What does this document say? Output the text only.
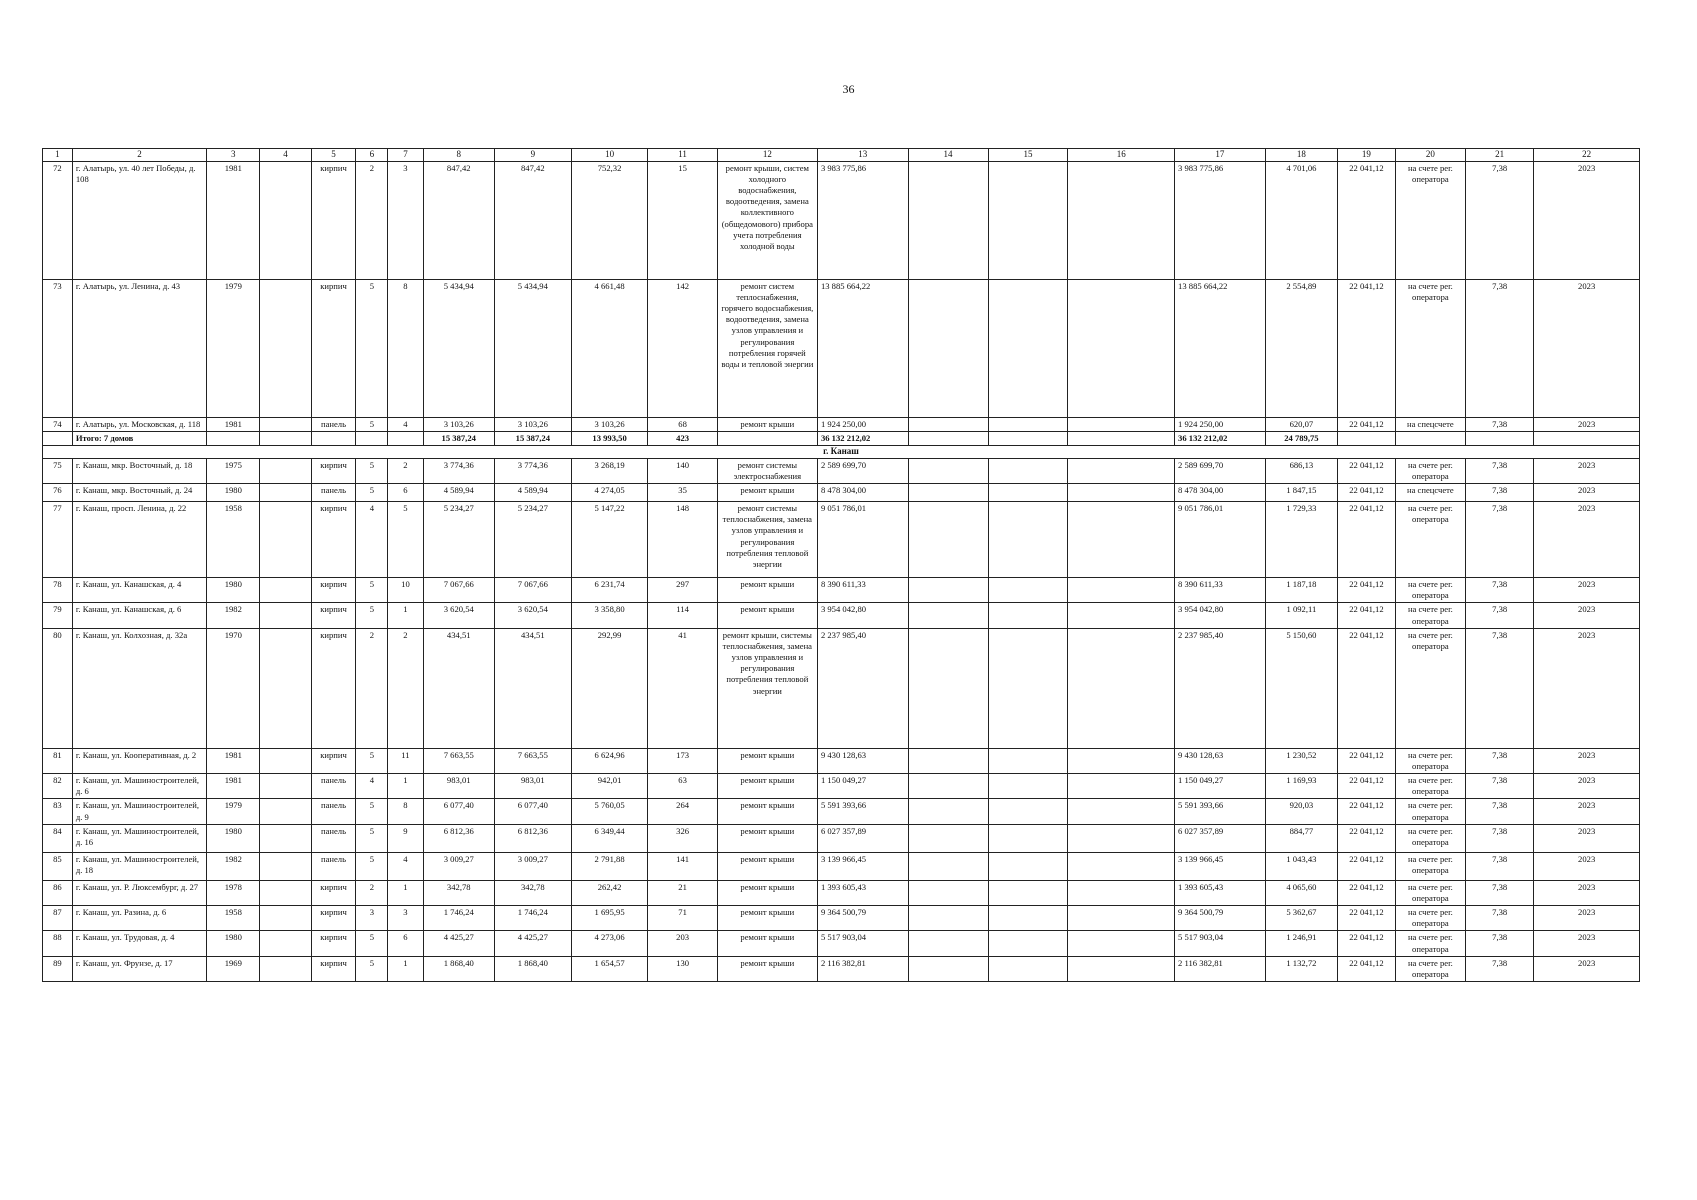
36
1	2	3	4	5	6	7	8	9	10	11	12	13	14	15	16	17	18	19	20	21	22
72	г. Алатырь, ул. 40 лет Победы, д. 108	1981		кирпич	2	3	847,42	847,42	752,32	15	ремонт крыши, систем холодного водоснабжения, водоотведения, замена коллективного (общедомового) прибора учета потребления холодной воды	3 983 775,86				3 983 775,86	4 701,06	22 041,12	на счете рег. оператора	7,38	2023
73	г. Алатырь, ул. Ленина, д. 43	1979		кирпич	5	8	5 434,94	5 434,94	4 661,48	142	ремонт систем теплоснабжения, горячего водоснабжения, водоотведения, замена узлов управления и регулирования потребления горячей воды и тепловой энергии	13 885 664,22				13 885 664,22	2 554,89	22 041,12	на счете рег. оператора	7,38	2023
74	г. Алатырь, ул. Московская, д. 118	1981		панель	5	4	3 103,26	3 103,26	3 103,26	68	ремонт крыши	1 924 250,00				1 924 250,00	620,07	22 041,12	на спецсчете	7,38	2023
	Итого: 7 домов						15 387,24	15 387,24	13 993,50	423		36 132 212,02				36 132 212,02	24 789,75				
г. Канаш																					
75	г. Канаш, мкр. Восточный, д. 18	1975		кирпич	5	2	3 774,36	3 774,36	3 268,19	140	ремонт системы электроснабжения	2 589 699,70				2 589 699,70	686,13	22 041,12	на счете рег. оператора	7,38	2023
76	г. Канаш, мкр. Восточный, д. 24	1980		панель	5	6	4 589,94	4 589,94	4 274,05	35	ремонт крыши	8 478 304,00				8 478 304,00	1 847,15	22 041,12	на спецсчете	7,38	2023
77	г. Канаш, просп. Ленина, д. 22	1958		кирпич	4	5	5 234,27	5 234,27	5 147,22	148	ремонт системы теплоснабжения, замена узлов управления и регулирования потребления тепловой энергии	9 051 786,01				9 051 786,01	1 729,33	22 041,12	на счете рег. оператора	7,38	2023
78	г. Канаш, ул. Канашская, д. 4	1980		кирпич	5	10	7 067,66	7 067,66	6 231,74	297	ремонт крыши	8 390 611,33				8 390 611,33	1 187,18	22 041,12	на счете рег. оператора	7,38	2023
79	г. Канаш, ул. Канашская, д. 6	1982		кирпич	5	1	3 620,54	3 620,54	3 358,80	114	ремонт крыши	3 954 042,80				3 954 042,80	1 092,11	22 041,12	на счете рег. оператора	7,38	2023
80	г. Канаш, ул. Колхозная, д. 32а	1970		кирпич	2	2	434,51	434,51	292,99	41	ремонт крыши, системы теплоснабжения, замена узлов управления и регулирования потребления тепловой энергии	2 237 985,40				2 237 985,40	5 150,60	22 041,12	на счете рег. оператора	7,38	2023
81	г. Канаш, ул. Кооперативная, д. 2	1981		кирпич	5	11	7 663,55	7 663,55	6 624,96	173	ремонт крыши	9 430 128,63				9 430 128,63	1 230,52	22 041,12	на счете рег. оператора	7,38	2023
82	г. Канаш, ул. Машиностроителей, д. 6	1981		панель	4	1	983,01	983,01	942,01	63	ремонт крыши	1 150 049,27				1 150 049,27	1 169,93	22 041,12	на счете рег. оператора	7,38	2023
83	г. Канаш, ул. Машиностроителей, д. 9	1979		панель	5	8	6 077,40	6 077,40	5 760,05	264	ремонт крыши	5 591 393,66				5 591 393,66	920,03	22 041,12	на счете рег. оператора	7,38	2023
84	г. Канаш, ул. Машиностроителей, д. 16	1980		панель	5	9	6 812,36	6 812,36	6 349,44	326	ремонт крыши	6 027 357,89				6 027 357,89	884,77	22 041,12	на счете рег. оператора	7,38	2023
85	г. Канаш, ул. Машиностроителей, д. 18	1982		панель	5	4	3 009,27	3 009,27	2 791,88	141	ремонт крыши	3 139 966,45				3 139 966,45	1 043,43	22 041,12	на счете рег. оператора	7,38	2023
86	г. Канаш, ул. Р. Люксембург, д. 27	1978		кирпич	2	1	342,78	342,78	262,42	21	ремонт крыши	1 393 605,43				1 393 605,43	4 065,60	22 041,12	на счете рег. оператора	7,38	2023
87	г. Канаш, ул. Разина, д. 6	1958		кирпич	3	3	1 746,24	1 746,24	1 695,95	71	ремонт крыши	9 364 500,79				9 364 500,79	5 362,67	22 041,12	на счете рег. оператора	7,38	2023
88	г. Канаш, ул. Трудовая, д. 4	1980		кирпич	5	6	4 425,27	4 425,27	4 273,06	203	ремонт крыши	5 517 903,04				5 517 903,04	1 246,91	22 041,12	на счете рег. оператора	7,38	2023
89	г. Канаш, ул. Фрунзе, д. 17	1969		кирпич	5	1	1 868,40	1 868,40	1 654,57	130	ремонт крыши	2 116 382,81				2 116 382,81	1 132,72	22 041,12	на счете рег. оператора	7,38	2023
